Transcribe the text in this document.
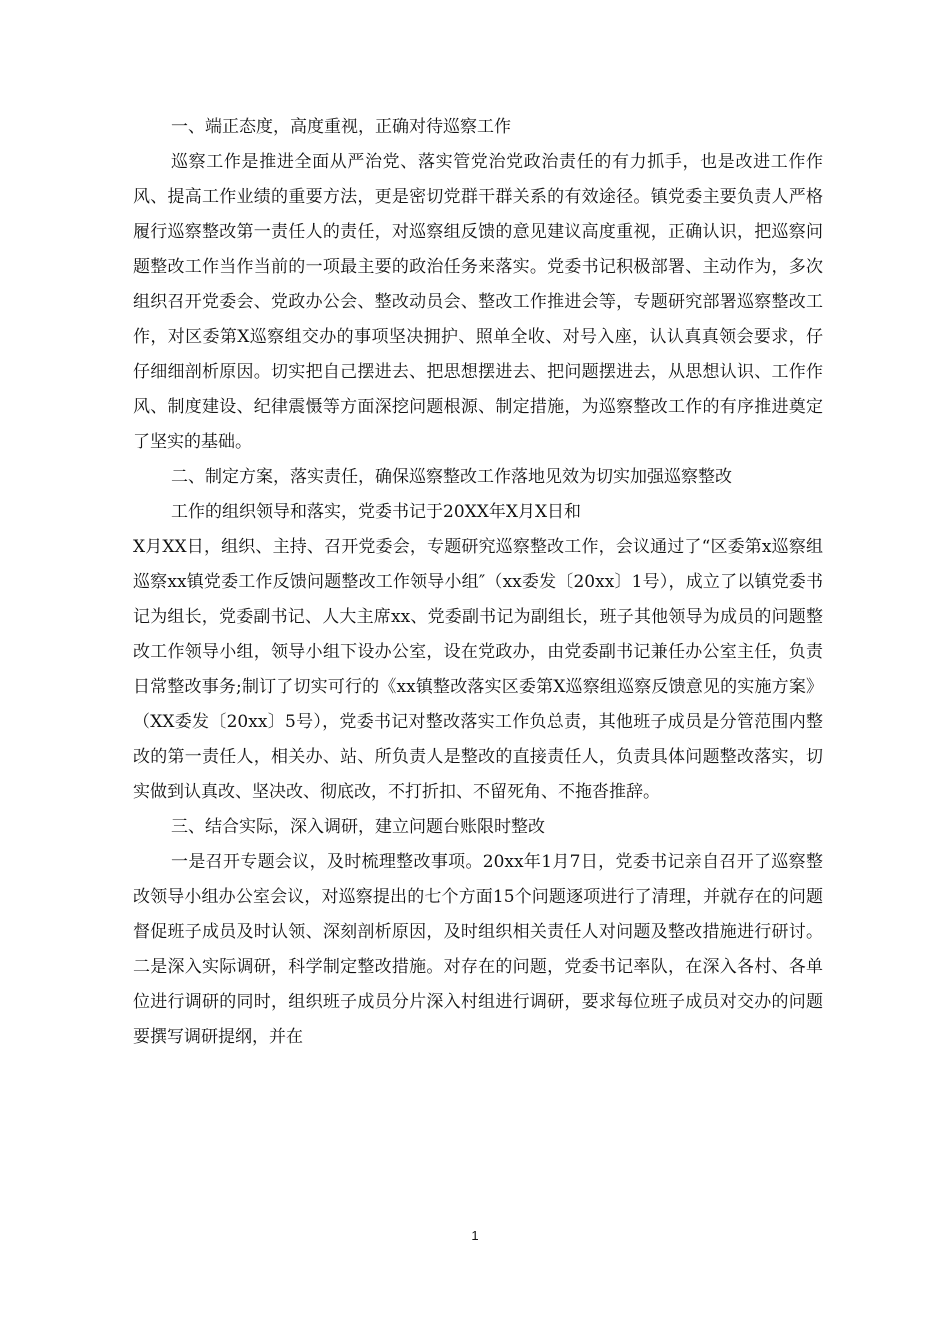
一、端正态度，高度重视，正确对待巡察工作

巡察工作是推进全面从严治党、落实管党治党政治责任的有力抓手，也是改进工作作风、提高工作业绩的重要方法，更是密切党群干群关系的有效途径。镇党委主要负责人严格履行巡察整改第一责任人的责任，对巡察组反馈的意见建议高度重视，正确认识，把巡察问题整改工作当作当前的一项最主要的政治任务来落实。党委书记积极部署、主动作为，多次组织召开党委会、党政办公会、整改动员会、整改工作推进会等，专题研究部署巡察整改工作，对区委第X巡察组交办的事项坚决拥护、照单全收、对号入座，认认真真领会要求，仔仔细细剖析原因。切实把自己摆进去、把思想摆进去、把问题摆进去，从思想认识、工作作风、制度建设、纪律震慑等方面深挖问题根源、制定措施，为巡察整改工作的有序推进奠定了坚实的基础。

二、制定方案，落实责任，确保巡察整改工作落地见效为切实加强巡察整改

工作的组织领导和落实，党委书记于20XX年X月X日和

X月XX日，组织、主持、召开党委会，专题研究巡察整改工作，会议通过了“区委第x巡察组巡察xx镇党委工作反馈问题整改工作领导小组″（xx委发〔20xx〕1号），成立了以镇党委书记为组长，党委副书记、人大主席xx、党委副书记为副组长，班子其他领导为成员的问题整改工作领导小组，领导小组下设办公室，设在党政办，由党委副书记兼任办公室主任，负责日常整改事务;制订了切实可行的《xx镇整改落实区委第X巡察组巡察反馈意见的实施方案》（XX委发〔20xx〕5号），党委书记对整改落实工作负总责，其他班子成员是分管范围内整改的第一责任人，相关办、站、所负责人是整改的直接责任人，负责具体问题整改落实，切实做到认真改、坚决改、彻底改，不打折扣、不留死角、不拖沓推辞。

三、结合实际，深入调研，建立问题台账限时整改

一是召开专题会议，及时梳理整改事项。20xx年1月7日，党委书记亲自召开了巡察整改领导小组办公室会议，对巡察提出的七个方面15个问题逐项进行了清理，并就存在的问题督促班子成员及时认领、深刻剖析原因，及时组织相关责任人对问题及整改措施进行研讨。二是深入实际调研，科学制定整改措施。对存在的问题，党委书记率队，在深入各村、各单位进行调研的同时，组织班子成员分片深入村组进行调研，要求每位班子成员对交办的问题要撰写调研提纲，并在

1
